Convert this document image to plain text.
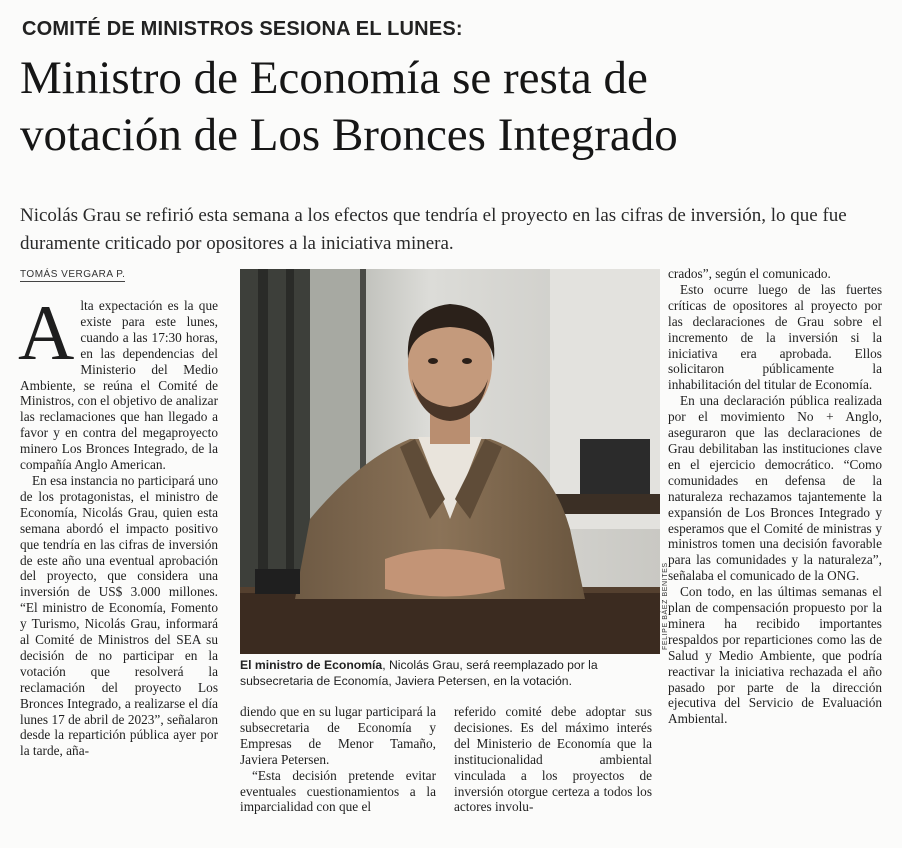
COMITÉ DE MINISTROS SESIONA EL LUNES:
Ministro de Economía se resta de
votación de Los Bronces Integrado
Nicolás Grau se refirió esta semana a los efectos que tendría el proyecto en las cifras de inversión, lo que fue duramente criticado por opositores a la iniciativa minera.
TOMÁS VERGARA P.

Alta expectación es la que existe para este lunes, cuando a las 17:30 horas, en las dependencias del Ministerio del Medio Ambiente, se reúna el Comité de Ministros, con el objetivo de analizar las reclamaciones que han llegado a favor y en contra del megaproyecto minero Los Bronces Integrado, de la compañía Anglo American.

En esa instancia no participará uno de los protagonistas, el ministro de Economía, Nicolás Grau, quien esta semana abordó el impacto positivo que tendría en las cifras de inversión de este año una eventual aprobación del proyecto, que considera una inversión de US$ 3.000 millones. “El ministro de Economía, Fomento y Turismo, Nicolás Grau, informará al Comité de Ministros del SEA su decisión de no participar en la votación que resolverá la reclamación del proyecto Los Bronces Integrado, a realizarse el día lunes 17 de abril de 2023”, señalaron desde la repartición pública ayer por la tarde, aña-

FELIPE BÁEZ BENITES
El ministro de Economía, Nicolás Grau, será reemplazado por la subsecretaria de Economía, Javiera Petersen, en la votación.

diendo que en su lugar participará la subsecretaria de Economía y Empresas de Menor Tamaño, Javiera Petersen.

“Esta decisión pretende evitar eventuales cuestionamientos a la imparcialidad con que el

referido comité debe adoptar sus decisiones. Es del máximo interés del Ministerio de Economía que la institucionalidad ambiental vinculada a los proyectos de inversión otorgue certeza a todos los actores involu-

crados”, según el comunicado.

Esto ocurre luego de las fuertes críticas de opositores al proyecto por las declaraciones de Grau sobre el incremento de la inversión si la iniciativa era aprobada. Ellos solicitaron públicamente la inhabilitación del titular de Economía.

En una declaración pública realizada por el movimiento No + Anglo, aseguraron que las declaraciones de Grau debilitaban las instituciones clave en el ejercicio democrático. “Como comunidades en defensa de la naturaleza rechazamos tajantemente la expansión de Los Bronces Integrado y esperamos que el Comité de ministras y ministros tomen una decisión favorable para las comunidades y la naturaleza”, señalaba el comunicado de la ONG.

Con todo, en las últimas semanas el plan de compensación propuesto por la minera ha recibido importantes respaldos por reparticiones como las de Salud y Medio Ambiente, que podría reactivar la iniciativa rechazada el año pasado por parte de la dirección ejecutiva del Servicio de Evaluación Ambiental.
